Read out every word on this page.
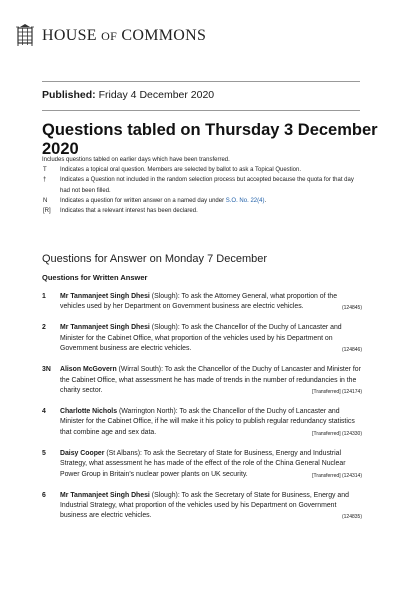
HOUSE OF COMMONS
Published: Friday 4 December 2020
Questions tabled on Thursday 3 December 2020
Includes questions tabled on earlier days which have been transferred.
T	Indicates a topical oral question. Members are selected by ballot to ask a Topical Question.
†	Indicates a Question not included in the random selection process but accepted because the quota for that day had not been filled.
N	Indicates a question for written answer on a named day under S.O. No. 22(4).
[R]	Indicates that a relevant interest has been declared.
Questions for Answer on Monday 7 December
Questions for Written Answer
1	Mr Tanmanjeet Singh Dhesi (Slough): To ask the Attorney General, what proportion of the vehicles used by her Department on Government business are electric vehicles.	(124845)
2	Mr Tanmanjeet Singh Dhesi (Slough): To ask the Chancellor of the Duchy of Lancaster and Minister for the Cabinet Office, what proportion of the vehicles used by his Department on Government business are electric vehicles.	(124846)
3N	Alison McGovern (Wirral South): To ask the Chancellor of the Duchy of Lancaster and Minister for the Cabinet Office, what assessment he has made of trends in the number of redundancies in the charity sector.	[Transferred] (124174)
4	Charlotte Nichols (Warrington North): To ask the Chancellor of the Duchy of Lancaster and Minister for the Cabinet Office, if he will make it his policy to publish regular redundancy statistics that combine age and sex data.	[Transferred] (124330)
5	Daisy Cooper (St Albans): To ask the Secretary of State for Business, Energy and Industrial Strategy, what assessment he has made of the effect of the role of the China General Nuclear Power Group in Britain's nuclear power plants on UK security.	[Transferred] (124314)
6	Mr Tanmanjeet Singh Dhesi (Slough): To ask the Secretary of State for Business, Energy and Industrial Strategy, what proportion of the vehicles used by his Department on Government business are electric vehicles.	(124835)
